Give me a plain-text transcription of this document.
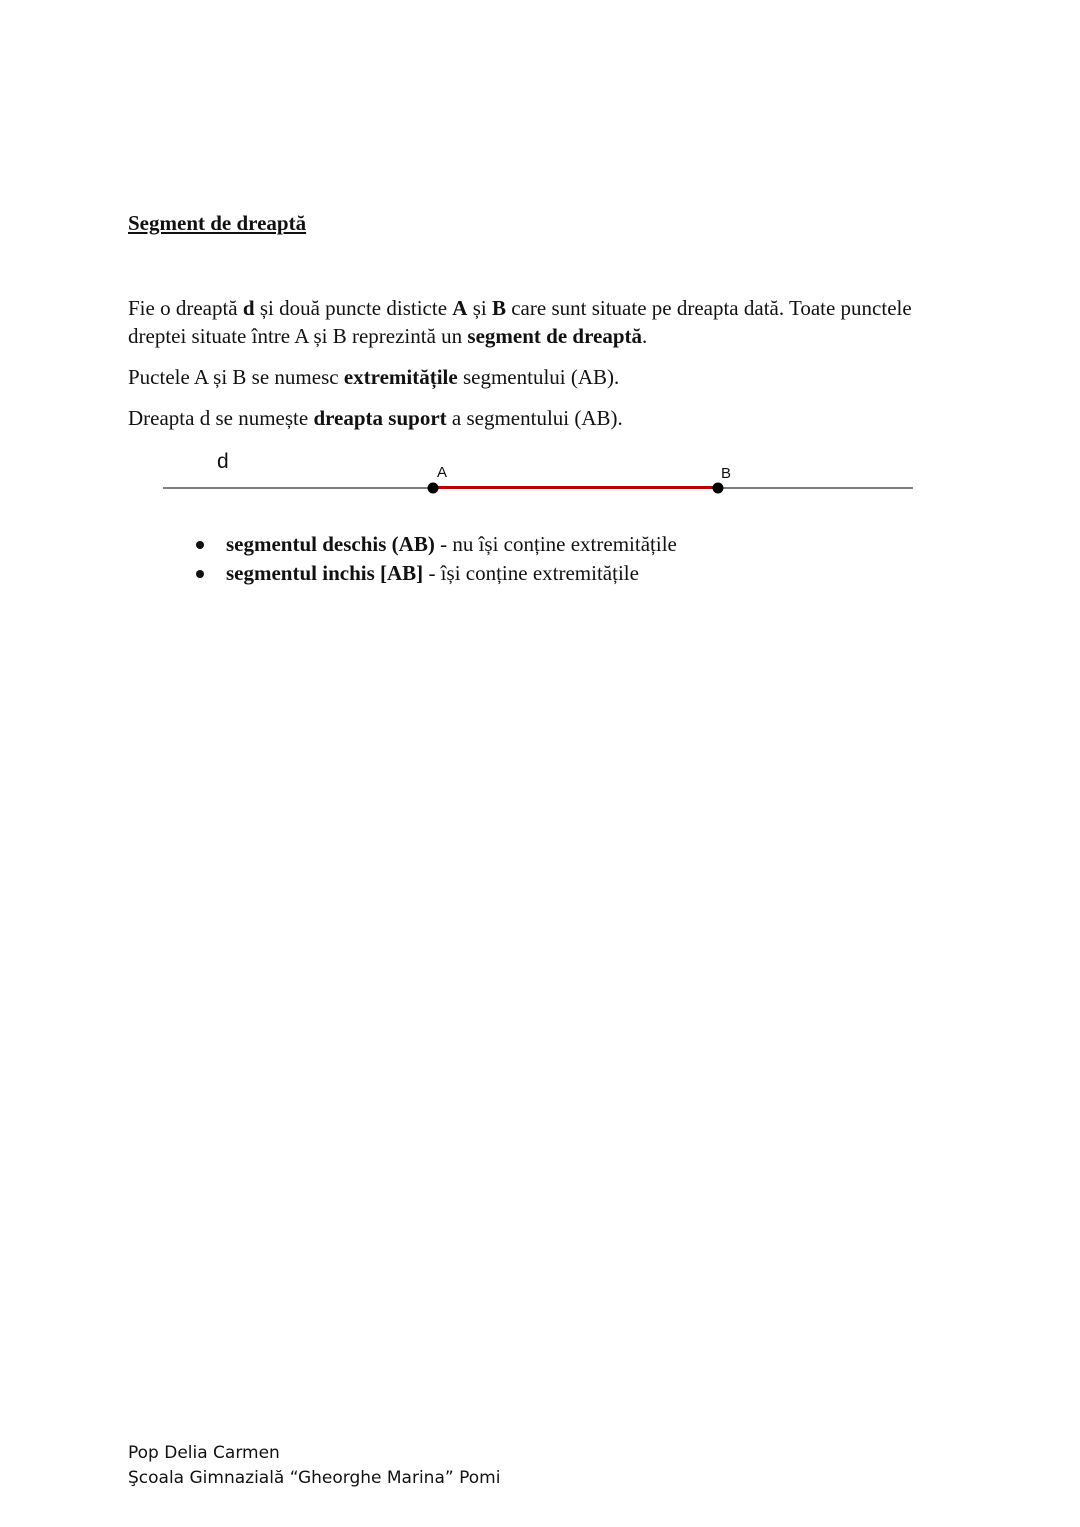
Segment de dreaptă

Fie o dreaptă d și două puncte disticte A și B care sunt situate pe dreapta dată. Toate punctele dreptei situate între A și B reprezintă un segment de dreaptă.

Puctele A și B se numesc extremitățile segmentului (AB).

Dreapta d se numește dreapta suport a segmentului (AB).

d	A	B
segmentul deschis (AB) - nu își conține extremitățile
segmentul inchis [AB] - își conține extremitățile
Pop Delia Carmen
Şcoala Gimnazială “Gheorghe Marina” Pomi
